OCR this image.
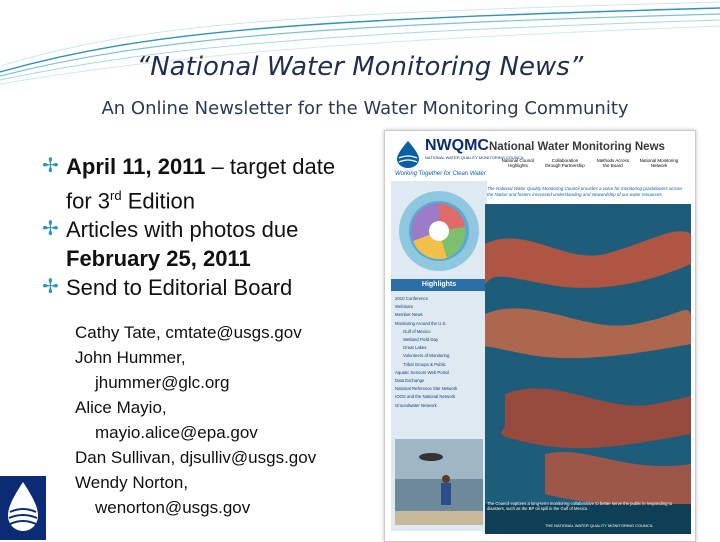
“National Water Monitoring News”
An Online Newsletter for the Water Monitoring Community
✢ April 11, 2011 – target date
for 3rd Edition
✢ Articles with photos due
February 25, 2011
✢ Send to Editorial Board
Cathy Tate, cmtate@usgs.gov
John Hummer,
jhummer@glc.org
Alice Mayio,
mayio.alice@epa.gov
Dan Sullivan, djsulliv@usgs.gov
Wendy Norton,
wenorton@usgs.gov
NWQMC
NATIONAL WATER QUALITY MONITORING COUNCIL
Working Together for Clean Water
National Water Monitoring News
National Council Highlights
Collaboration through Partnership
Methods Across the Board
National Monitoring Network
The National Water Quality Monitoring Council provides a voice for monitoring practitioners across the Nation and fosters increased understanding and stewardship of our water resources.
Highlights
2010 Conference
Webinars
Member News
Monitoring Around the U.S.
Gulf of Mexico
Wetland Field Day
Great Lakes
Volunteers of Monitoring
Tribal Groups & Public
Aquatic Sensors Web Portal
Data Exchange
National Reference Site Network
IOOS and the National Network
Groundwater Network
The Council explores a long-term monitoring collaborative to better serve the public in responding to disasters, such as the BP oil spill in the Gulf of Mexico.
THE NATIONAL WATER QUALITY MONITORING COUNCIL
